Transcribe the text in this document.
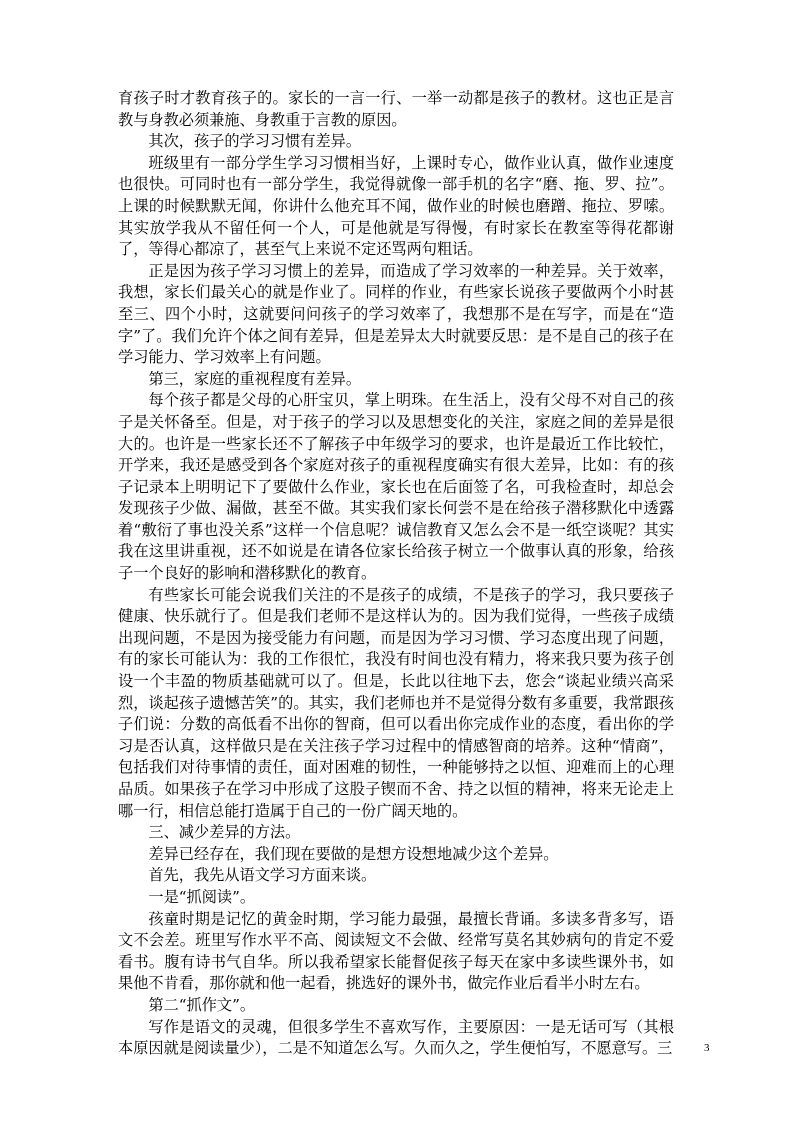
育孩子时才教育孩子的。家长的一言一行、一举一动都是孩子的教材。这也正是言教与身教必须兼施、身教重于言教的原因。

其次，孩子的学习习惯有差异。

班级里有一部分学生学习习惯相当好，上课时专心，做作业认真，做作业速度也很快。可同时也有一部分学生，我觉得就像一部手机的名字“磨、拖、罗、拉”。上课的时候默默无闻，你讲什么他充耳不闻，做作业的时候也磨蹭、拖拉、罗嗦。其实放学我从不留任何一个人，可是他就是写得慢，有时家长在教室等得花都谢了，等得心都凉了，甚至气上来说不定还骂两句粗话。

正是因为孩子学习习惯上的差异，而造成了学习效率的一种差异。关于效率，我想，家长们最关心的就是作业了。同样的作业，有些家长说孩子要做两个小时甚至三、四个小时，这就要问问孩子的学习效率了，我想那不是在写字，而是在“造字”了。我们允许个体之间有差异，但是差异太大时就要反思：是不是自己的孩子在学习能力、学习效率上有问题。

第三，家庭的重视程度有差异。

每个孩子都是父母的心肝宝贝，掌上明珠。在生活上，没有父母不对自己的孩子是关怀备至。但是，对于孩子的学习以及思想变化的关注，家庭之间的差异是很大的。也许是一些家长还不了解孩子中年级学习的要求，也许是最近工作比较忙，开学来，我还是感受到各个家庭对孩子的重视程度确实有很大差异，比如：有的孩子记录本上明明记下了要做什么作业，家长也在后面签了名，可我检查时，却总会发现孩子少做、漏做，甚至不做。其实我们家长何尝不是在给孩子潜移默化中透露着“敷衍了事也没关系”这样一个信息呢？诚信教育又怎么会不是一纸空谈呢？其实我在这里讲重视，还不如说是在请各位家长给孩子树立一个做事认真的形象，给孩子一个良好的影响和潜移默化的教育。

有些家长可能会说我们关注的不是孩子的成绩，不是孩子的学习，我只要孩子健康、快乐就行了。但是我们老师不是这样认为的。因为我们觉得，一些孩子成绩出现问题，不是因为接受能力有问题，而是因为学习习惯、学习态度出现了问题，有的家长可能认为：我的工作很忙，我没有时间也没有精力，将来我只要为孩子创设一个丰盈的物质基础就可以了。但是，长此以往地下去，您会“谈起业绩兴高采烈，谈起孩子遗憾苦笑”的。其实，我们老师也并不是觉得分数有多重要，我常跟孩子们说：分数的高低看不出你的智商，但可以看出你完成作业的态度，看出你的学习是否认真，这样做只是在关注孩子学习过程中的情感智商的培养。这种“情商”，包括我们对待事情的责任，面对困难的韧性，一种能够持之以恒、迎难而上的心理品质。如果孩子在学习中形成了这股子锲而不舍、持之以恒的精神，将来无论走上哪一行，相信总能打造属于自己的一份广阔天地的。

三、减少差异的方法。

差异已经存在，我们现在要做的是想方设想地减少这个差异。

首先，我先从语文学习方面来谈。

一是“抓阅读”。

孩童时期是记忆的黄金时期，学习能力最强，最擅长背诵。多读多背多写，语文不会差。班里写作水平不高、阅读短文不会做、经常写莫名其妙病句的肯定不爱看书。腹有诗书气自华。所以我希望家长能督促孩子每天在家中多读些课外书，如果他不肯看，那你就和他一起看，挑选好的课外书，做完作业后看半小时左右。

第二“抓作文”。

写作是语文的灵魂，但很多学生不喜欢写作，主要原因：一是无话可写（其根本原因就是阅读量少），二是不知道怎么写。久而久之，学生便怕写，不愿意写。三	3
